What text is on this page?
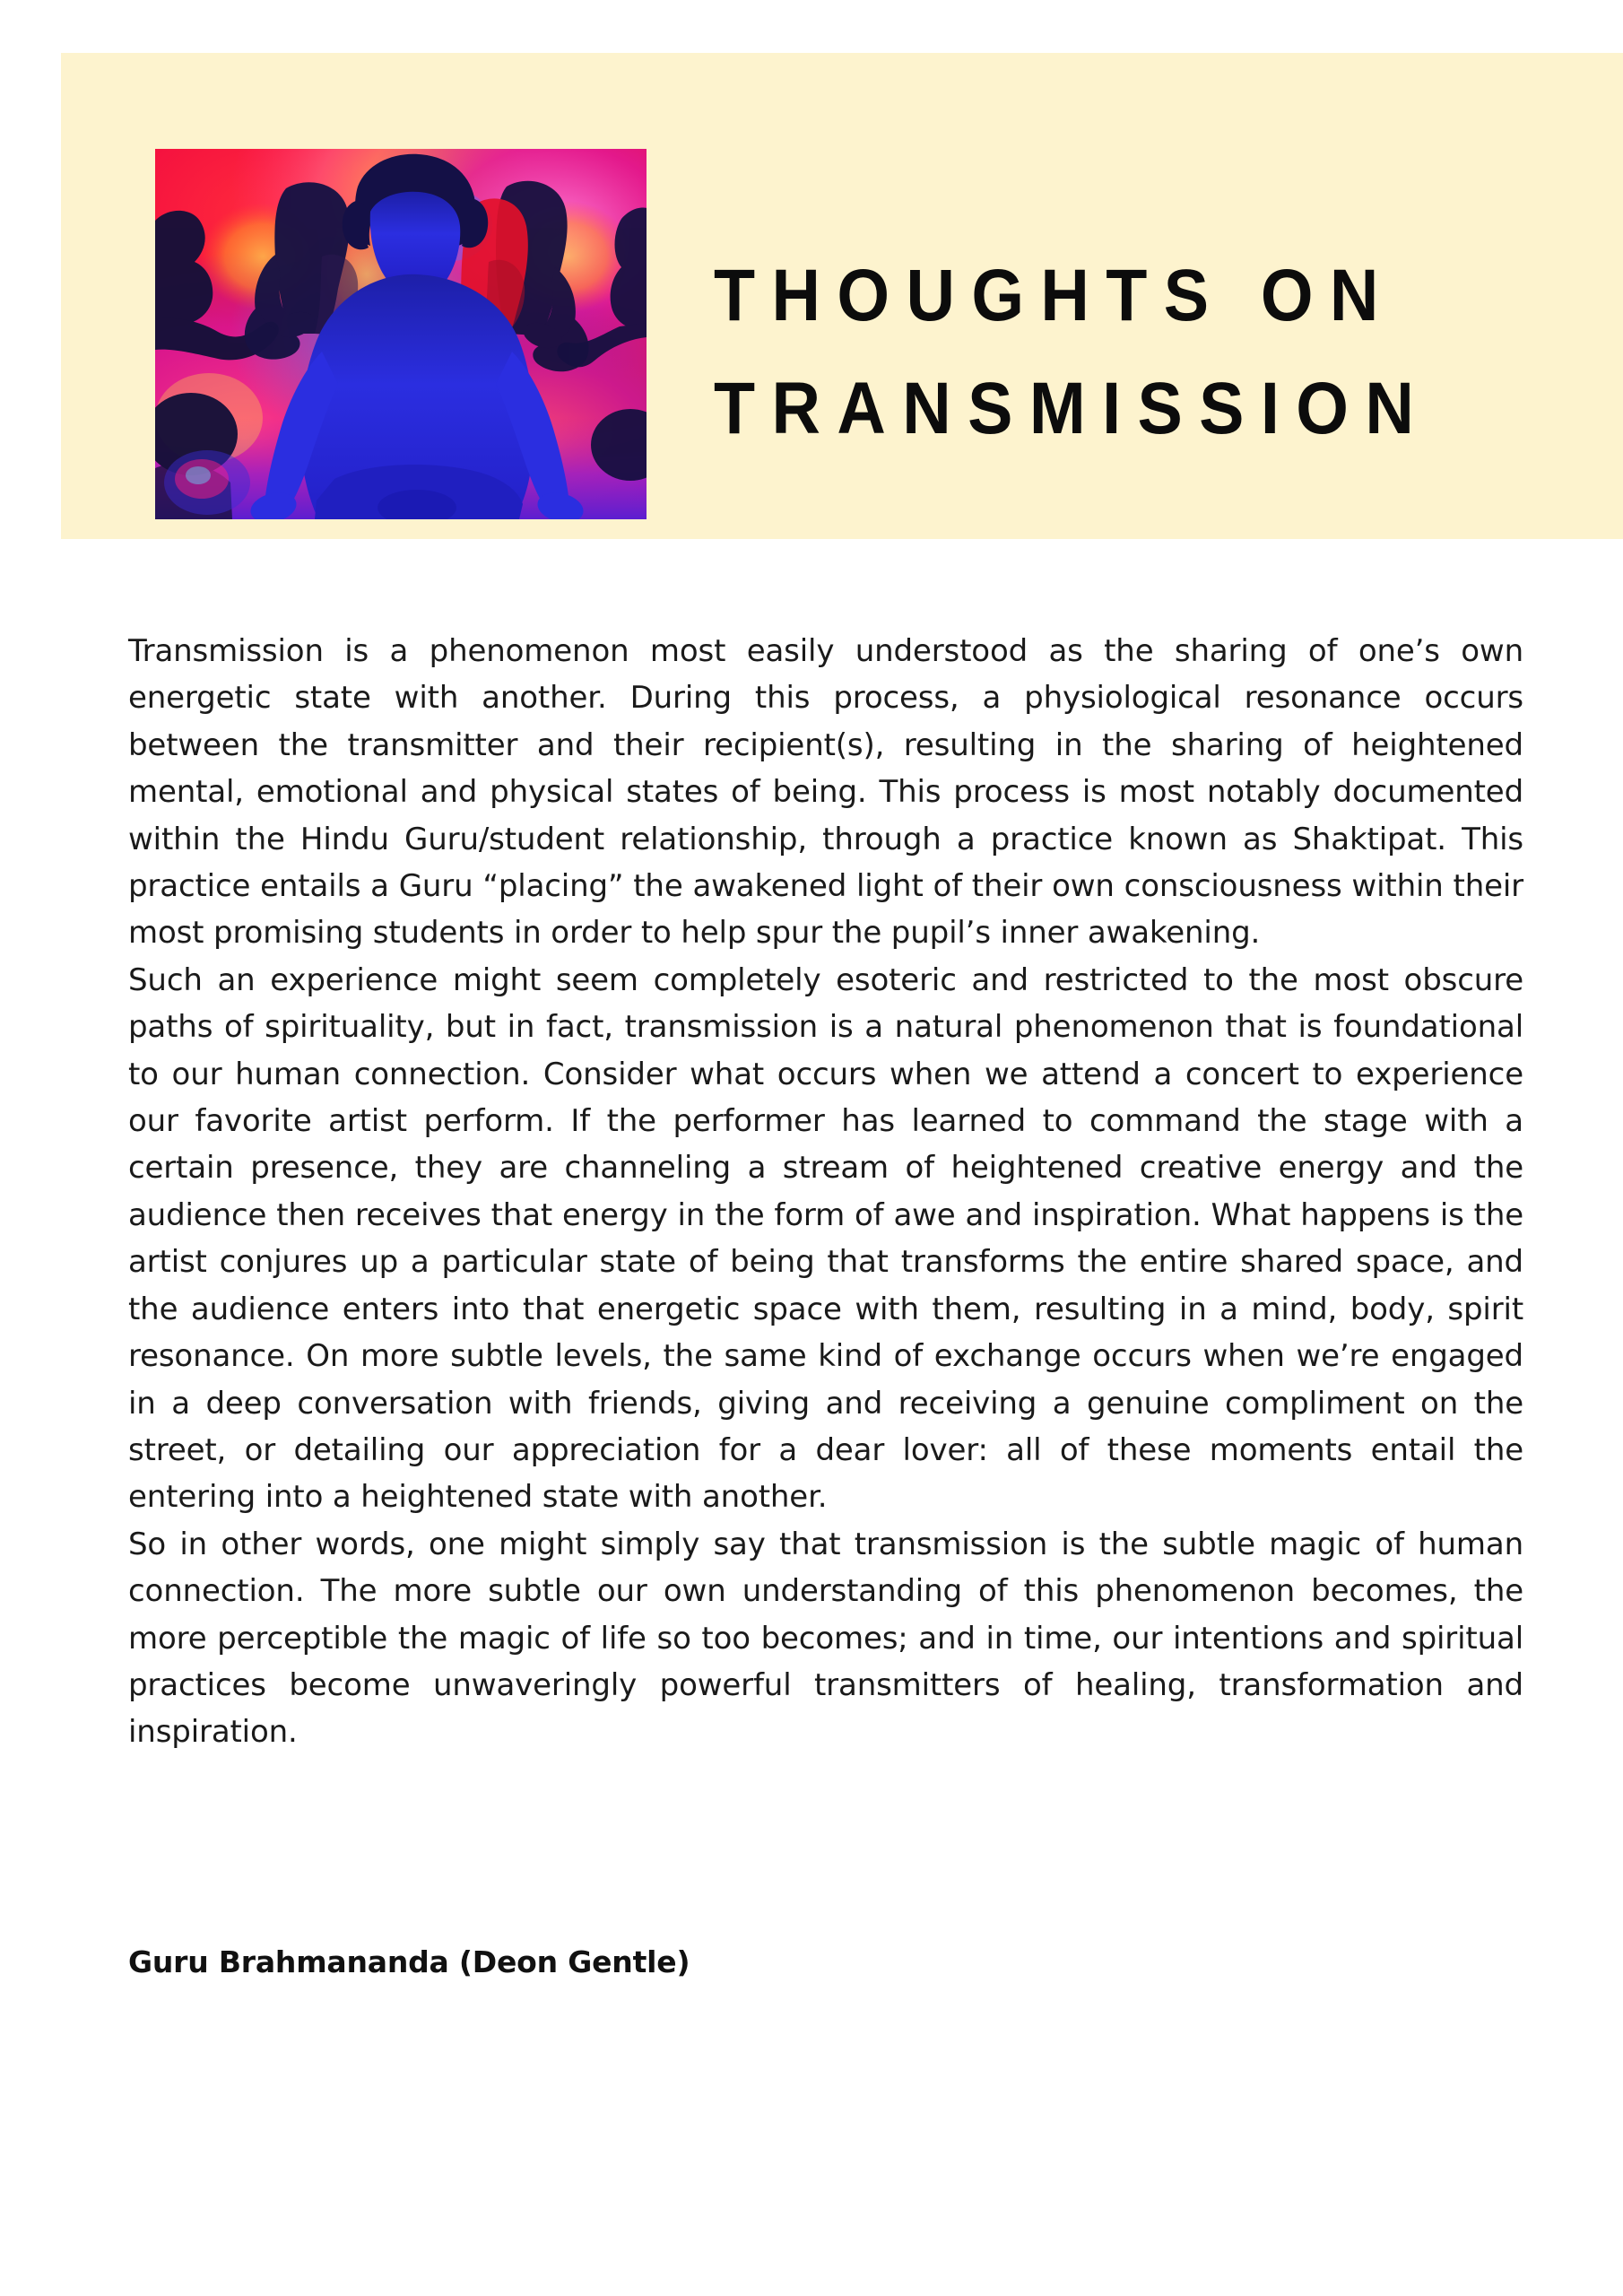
THOUGHTS ON
TRANSMISSION

Transmission is a phenomenon most easily understood as the sharing of one’s own energetic state with another. During this process, a physiological resonance occurs between the transmitter and their recipient(s), resulting in the sharing of heightened mental, emotional and physical states of being. This process is most notably documented within the Hindu Guru/student relationship, through a practice known as Shaktipat. This practice entails a Guru “placing” the awakened light of their own consciousness within their most promising students in order to help spur the pupil’s inner awakening.

Such an experience might seem completely esoteric and restricted to the most obscure paths of spirituality, but in fact, transmission is a natural phenomenon that is foundational to our human connection. Consider what occurs when we attend a concert to experience our favorite artist perform. If the performer has learned to command the stage with a certain presence, they are channeling a stream of heightened creative energy and the audience then receives that energy in the form of awe and inspiration. What happens is the artist conjures up a particular state of being that transforms the entire shared space, and the audience enters into that energetic space with them, resulting in a mind, body, spirit resonance. On more subtle levels, the same kind of exchange occurs when we’re engaged in a deep conversation with friends, giving and receiving a genuine compliment on the street, or detailing our appreciation for a dear lover: all of these moments entail the entering into a heightened state with another.

So in other words, one might simply say that transmission is the subtle magic of human connection. The more subtle our own understanding of this phenomenon becomes, the more perceptible the magic of life so too becomes; and in time, our intentions and spiritual practices become unwaveringly powerful transmitters of healing, transformation and inspiration.

Guru Brahmananda (Deon Gentle)
